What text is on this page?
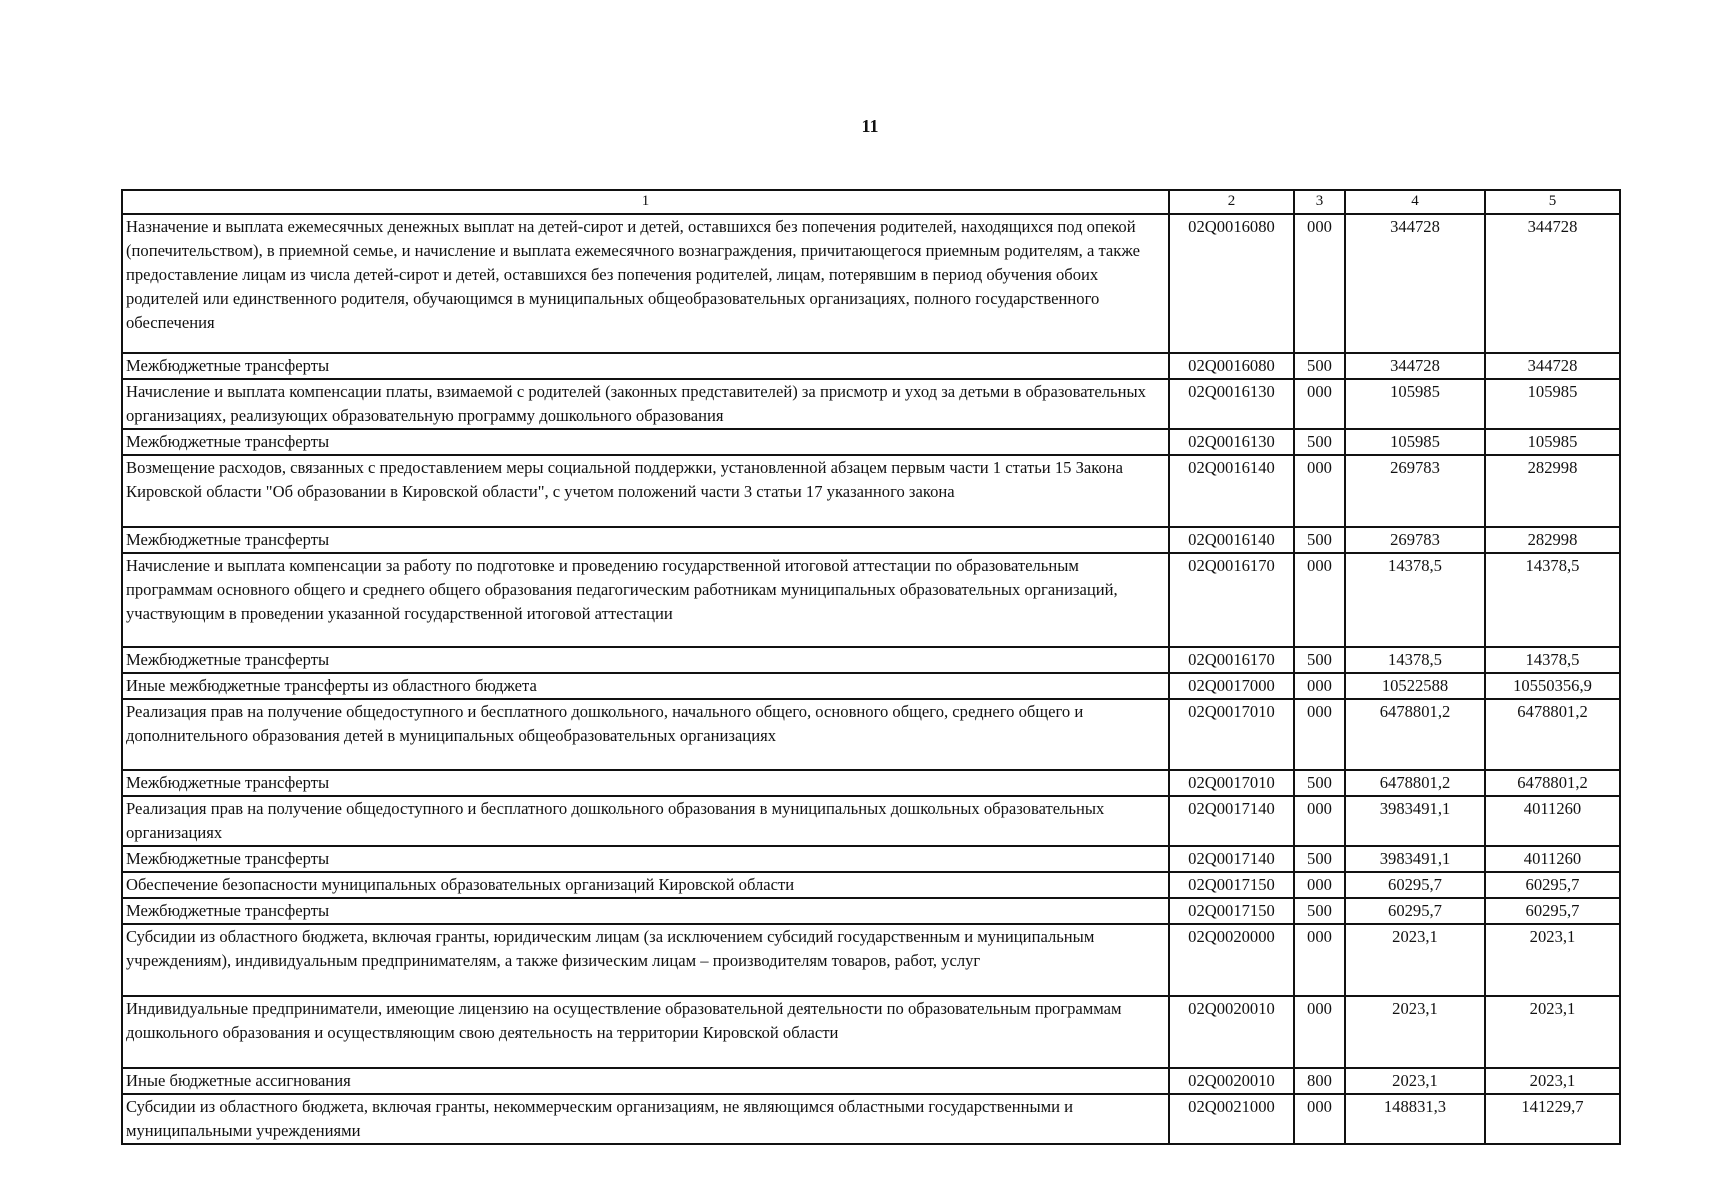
11
1	2	3	4	5
Назначение и выплата ежемесячных денежных выплат на детей-сирот и детей, оставшихся без попечения родителей, находящихся под опекой (попечительством), в приемной семье, и начисление и выплата ежемесячного вознаграждения, причитающегося приемным родителям, а также предоставление лицам из числа детей-сирот и детей, оставшихся без попечения родителей, лицам, потерявшим в период обучения обоих родителей или единственного родителя, обучающимся в муниципальных общеобразовательных организациях, полного государственного обеспечения	02Q0016080	000	344728	344728
Межбюджетные трансферты	02Q0016080	500	344728	344728
Начисление и выплата компенсации платы, взимаемой с родителей (законных представителей) за присмотр и уход за детьми в образовательных организациях, реализующих образовательную программу дошкольного образования	02Q0016130	000	105985	105985
Межбюджетные трансферты	02Q0016130	500	105985	105985
Возмещение расходов, связанных с предоставлением меры социальной поддержки, установленной абзацем первым части 1 статьи 15 Закона Кировской области "Об образовании в Кировской области", с учетом положений части 3 статьи 17 указанного закона	02Q0016140	000	269783	282998
Межбюджетные трансферты	02Q0016140	500	269783	282998
Начисление и выплата компенсации за работу по подготовке и проведению государственной итоговой аттестации по образовательным программам основного общего и среднего общего образования педагогическим работникам муниципальных образовательных организаций, участвующим в проведении указанной государственной итоговой аттестации	02Q0016170	000	14378,5	14378,5
Межбюджетные трансферты	02Q0016170	500	14378,5	14378,5
Иные межбюджетные трансферты из областного бюджета	02Q0017000	000	10522588	10550356,9
Реализация прав на получение общедоступного и бесплатного дошкольного, начального общего, основного общего, среднего общего и дополнительного образования детей в муниципальных общеобразовательных организациях	02Q0017010	000	6478801,2	6478801,2
Межбюджетные трансферты	02Q0017010	500	6478801,2	6478801,2
Реализация прав на получение общедоступного и бесплатного дошкольного образования в муниципальных дошкольных образовательных организациях	02Q0017140	000	3983491,1	4011260
Межбюджетные трансферты	02Q0017140	500	3983491,1	4011260
Обеспечение безопасности муниципальных образовательных организаций Кировской области	02Q0017150	000	60295,7	60295,7
Межбюджетные трансферты	02Q0017150	500	60295,7	60295,7
Субсидии из областного бюджета, включая гранты, юридическим лицам (за исключением субсидий государственным и муниципальным учреждениям), индивидуальным предпринимателям, а также физическим лицам – производителям товаров, работ, услуг	02Q0020000	000	2023,1	2023,1
Индивидуальные предприниматели, имеющие лицензию на осуществление образовательной деятельности по образовательным программам дошкольного образования и осуществляющим свою деятельность на территории Кировской области	02Q0020010	000	2023,1	2023,1
Иные бюджетные ассигнования	02Q0020010	800	2023,1	2023,1
Субсидии из областного бюджета, включая гранты, некоммерческим организациям, не являющимся областными государственными и муниципальными учреждениями	02Q0021000	000	148831,3	141229,7
